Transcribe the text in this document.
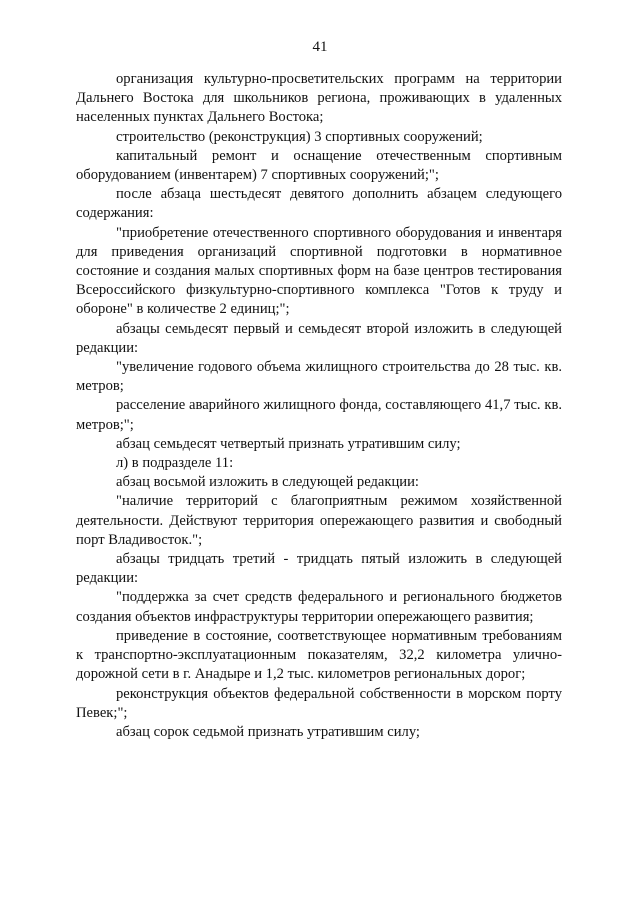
41

организация культурно-просветительских программ на территории Дальнего Востока для школьников региона, проживающих в удаленных населенных пунктах Дальнего Востока;

строительство (реконструкция) 3 спортивных сооружений;

капитальный ремонт и оснащение отечественным спортивным оборудованием (инвентарем) 7 спортивных сооружений;";

после абзаца шестьдесят девятого дополнить абзацем следующего содержания:

"приобретение отечественного спортивного оборудования и инвентаря для приведения организаций спортивной подготовки в нормативное состояние и создания малых спортивных форм на базе центров тестирования Всероссийского физкультурно-спортивного комплекса "Готов к труду и обороне" в количестве 2 единиц;";

абзацы семьдесят первый и семьдесят второй изложить в следующей редакции:

"увеличение годового объема жилищного строительства до 28 тыс. кв. метров;

расселение аварийного жилищного фонда, составляющего 41,7 тыс. кв. метров;";

абзац семьдесят четвертый признать утратившим силу;

л) в подразделе 11:

абзац восьмой изложить в следующей редакции:

"наличие территорий с благоприятным режимом хозяйственной деятельности. Действуют территория опережающего развития и свободный порт Владивосток.";

абзацы тридцать третий - тридцать пятый изложить в следующей редакции:

"поддержка за счет средств федерального и регионального бюджетов создания объектов инфраструктуры территории опережающего развития;

приведение в состояние, соответствующее нормативным требованиям к транспортно-эксплуатационным показателям, 32,2 километра улично-дорожной сети в г. Анадыре и 1,2 тыс. километров региональных дорог;

реконструкция объектов федеральной собственности в морском порту Певек;";

абзац сорок седьмой признать утратившим силу;
